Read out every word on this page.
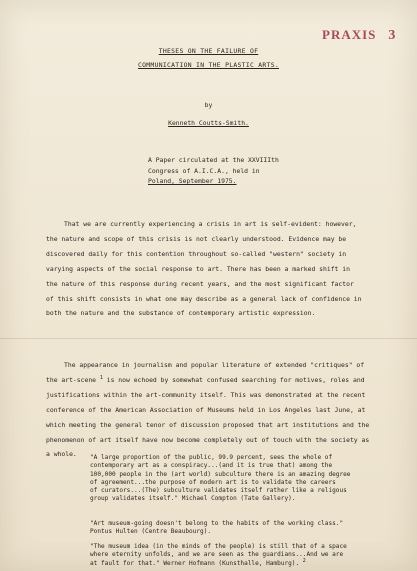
PRAXIS 3
THESES ON THE FAILURE OF
COMMUNICATION IN THE PLASTIC ARTS.
by
Kenneth Coutts-Smith.
A Paper circulated at the XXVIIIth
Congress of A.I.C.A., held in
Poland, September 1975.
That we are currently experiencing a crisis in art is self-evident: however,
the nature and scope of this crisis is not clearly understood. Evidence may be
discovered daily for this contention throughout so-called "western" society in
varying aspects of the social response to art. There has been a marked shift in
the nature of this response during recent years, and the most significant factor
of this shift consists in what one may describe as a general lack of confidence in
both the nature and the substance of contemporary artistic expression.
The appearance in journalism and popular literature of extended "critiques" of
the art-scene $^1$ is now echoed by somewhat confused searching for motives, roles and
justifications within the art-community itself. This was demonstrated at the recent
conference of the American Association of Museums held in Los Angeles last June, at
which meeting the general tenor of discussion proposed that art institutions and the
phenomenon of art itself have now become completely out of touch with the society as
a whole.	"A large proportion of the public, 99.9 percent, sees the whole of
contemporary art as a conspiracy...(and it is true that) among the
100,000 people in the (art world) subculture there is an amazing degree
of agreement...the purpose of modern art is to validate the careers
of curators...(The) subculture validates itself rather like a religous
group validates itself." Michael Compton (Tate Gallery).
"Art museum-going doesn't belong to the habits of the working class."
Pontus Hulten (Centre Beaubourg).
"The museum idea (in the minds of the people) is still that of a space
where eternity unfolds, and we are seen as the guardians...And we are
at fault for that." Werner Hofmann (Kunsthalle, Hamburg). $^2$
